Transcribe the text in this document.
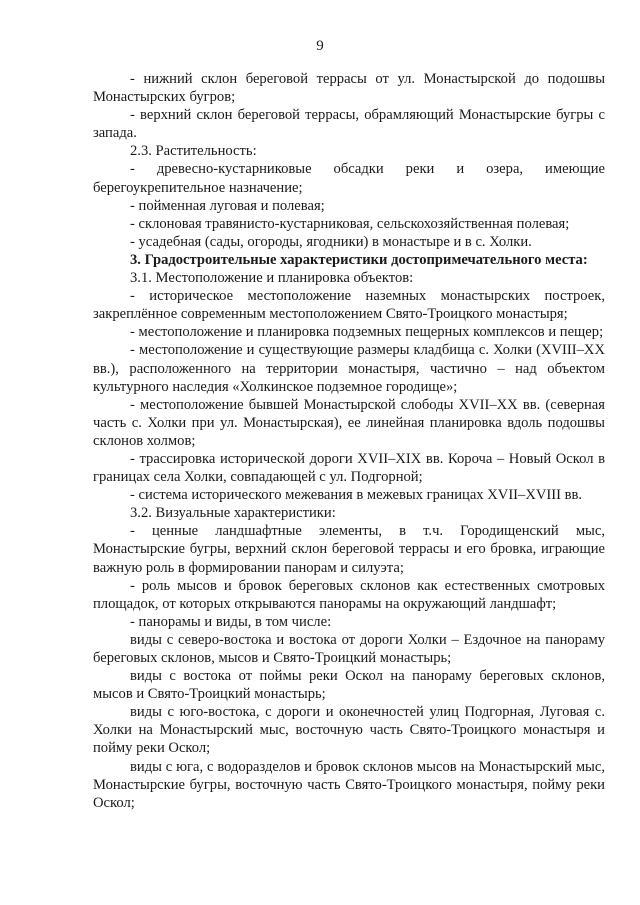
9

- нижний склон береговой террасы от ул. Монастырской до подошвы Монастырских бугров;

- верхний склон береговой террасы, обрамляющий Монастырские бугры с запада.

2.3. Растительность:

- древесно-кустарниковые обсадки реки и озера, имеющие берегоукрепительное назначение;

- пойменная луговая и полевая;

- склоновая травянисто-кустарниковая, сельскохозяйственная полевая;

- усадебная (сады, огороды, ягодники) в монастыре и в с. Холки.

3. Градостроительные характеристики достопримечательного места:

3.1. Местоположение и планировка объектов:

- историческое местоположение наземных монастырских построек, закреплённое современным местоположением Свято-Троицкого монастыря;

- местоположение и планировка подземных пещерных комплексов и пещер;

- местоположение и существующие размеры кладбища с. Холки (XVIII–XX вв.), расположенного на территории монастыря, частично – над объектом культурного наследия «Холкинское подземное городище»;

- местоположение бывшей Монастырской слободы XVII–XX вв. (северная часть с. Холки при ул. Монастырская), ее линейная планировка вдоль подошвы склонов холмов;

- трассировка исторической дороги XVII–XIX вв. Короча – Новый Оскол в границах села Холки, совпадающей с ул. Подгорной;

- система исторического межевания в межевых границах XVII–XVIII вв.

3.2. Визуальные характеристики:

- ценные ландшафтные элементы, в т.ч. Городищенский мыс, Монастырские бугры, верхний склон береговой террасы и его бровка, играющие важную роль в формировании панорам и силуэта;

- роль мысов и бровок береговых склонов как естественных смотровых площадок, от которых открываются панорамы на окружающий ландшафт;

- панорамы и виды, в том числе:

виды с северо-востока и востока от дороги Холки – Ездочное на панораму береговых склонов, мысов и Свято-Троицкий монастырь;

виды с востока от поймы реки Оскол на панораму береговых склонов, мысов и Свято-Троицкий монастырь;

виды с юго-востока, с дороги и оконечностей улиц Подгорная, Луговая с. Холки на Монастырский мыс, восточную часть Свято-Троицкого монастыря и пойму реки Оскол;

виды с юга, с водоразделов и бровок склонов мысов на Монастырский мыс, Монастырские бугры, восточную часть Свято-Троицкого монастыря, пойму реки Оскол;
